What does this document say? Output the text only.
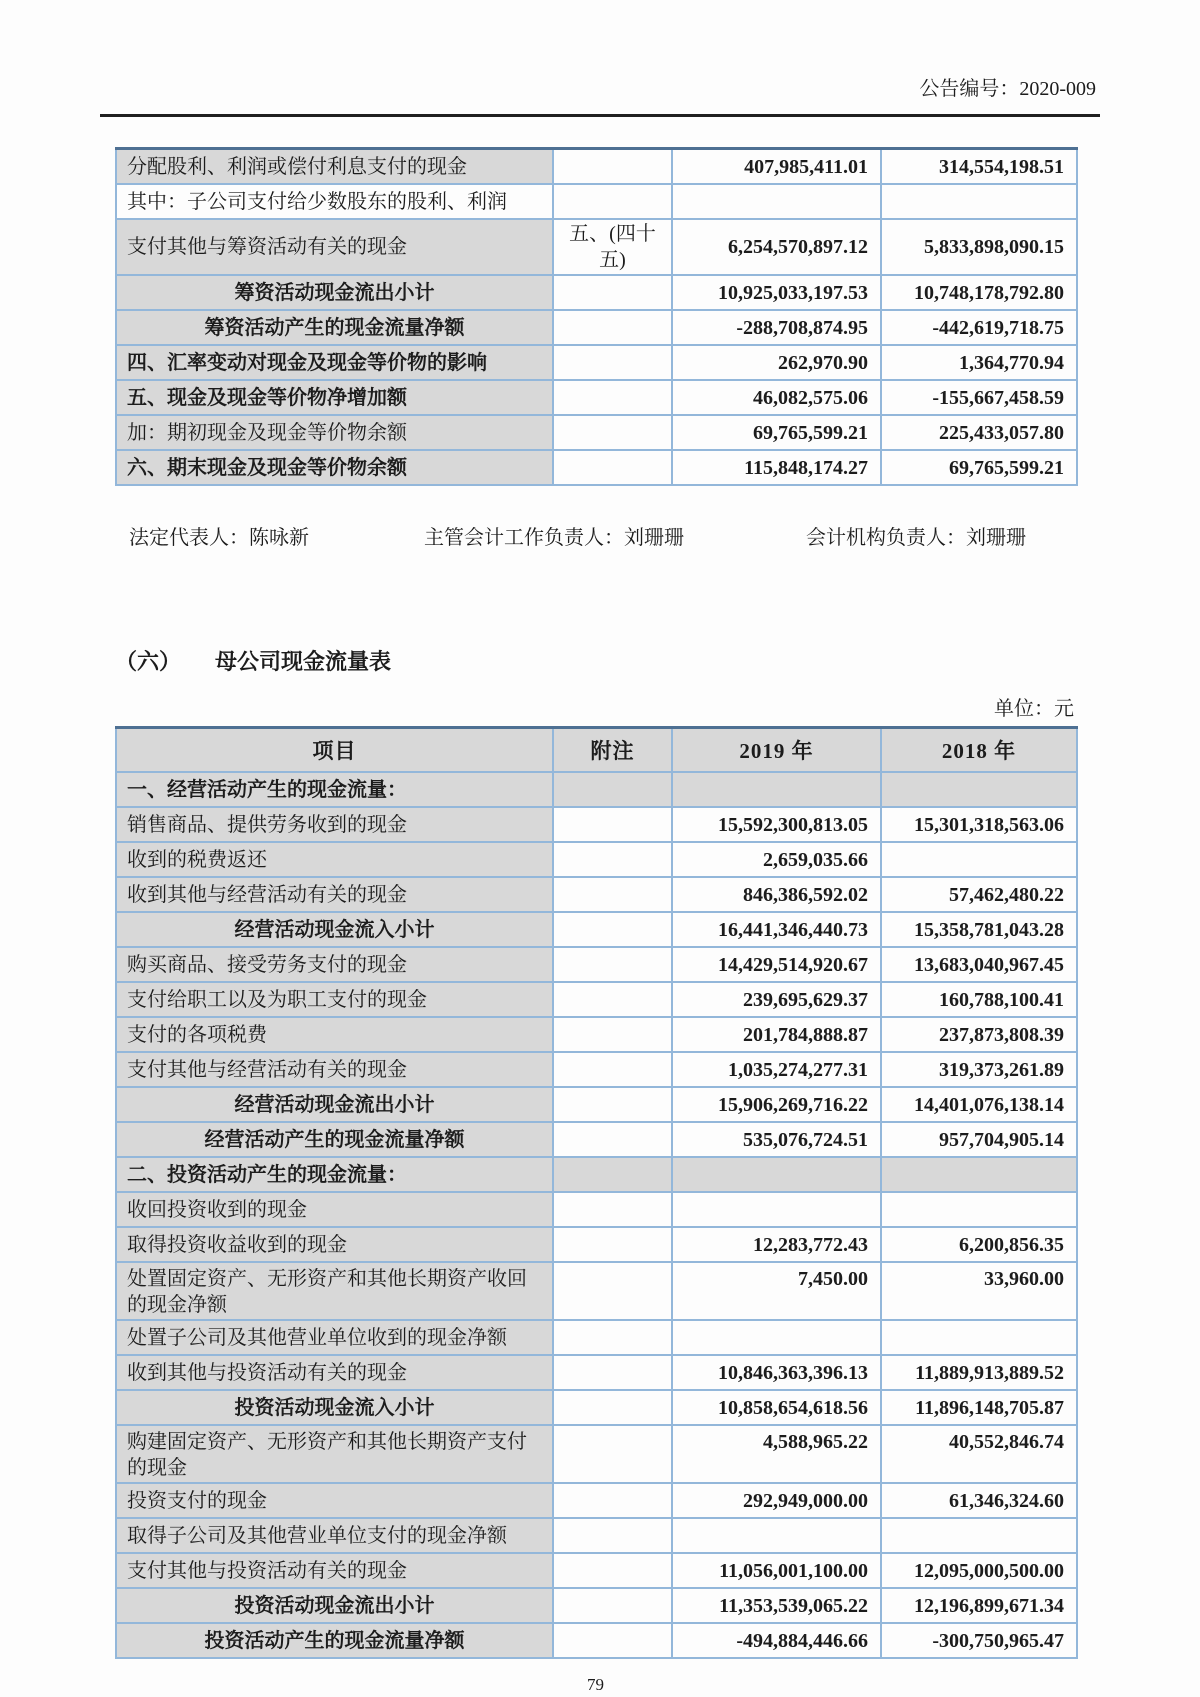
公告编号：2020-009
分配股利、利润或偿付利息支付的现金		407,985,411.01	314,554,198.51
其中：子公司支付给少数股东的股利、利润			
支付其他与筹资活动有关的现金	五、(四十五)	6,254,570,897.12	5,833,898,090.15
筹资活动现金流出小计		10,925,033,197.53	10,748,178,792.80
筹资活动产生的现金流量净额		-288,708,874.95	-442,619,718.75
四、汇率变动对现金及现金等价物的影响		262,970.90	1,364,770.94
五、现金及现金等价物净增加额		46,082,575.06	-155,667,458.59
加：期初现金及现金等价物余额		69,765,599.21	225,433,057.80
六、期末现金及现金等价物余额		115,848,174.27	69,765,599.21
法定代表人：陈咏新	主管会计工作负责人：刘珊珊	会计机构负责人：刘珊珊
（六） 母公司现金流量表
单位：元
项目	附注	2019 年	2018 年
一、经营活动产生的现金流量：			
销售商品、提供劳务收到的现金		15,592,300,813.05	15,301,318,563.06
收到的税费返还		2,659,035.66	
收到其他与经营活动有关的现金		846,386,592.02	57,462,480.22
经营活动现金流入小计		16,441,346,440.73	15,358,781,043.28
购买商品、接受劳务支付的现金		14,429,514,920.67	13,683,040,967.45
支付给职工以及为职工支付的现金		239,695,629.37	160,788,100.41
支付的各项税费		201,784,888.87	237,873,808.39
支付其他与经营活动有关的现金		1,035,274,277.31	319,373,261.89
经营活动现金流出小计		15,906,269,716.22	14,401,076,138.14
经营活动产生的现金流量净额		535,076,724.51	957,704,905.14
二、投资活动产生的现金流量：			
收回投资收到的现金			
取得投资收益收到的现金		12,283,772.43	6,200,856.35
处置固定资产、无形资产和其他长期资产收回的现金净额		7,450.00	33,960.00
处置子公司及其他营业单位收到的现金净额			
收到其他与投资活动有关的现金		10,846,363,396.13	11,889,913,889.52
投资活动现金流入小计		10,858,654,618.56	11,896,148,705.87
购建固定资产、无形资产和其他长期资产支付的现金		4,588,965.22	40,552,846.74
投资支付的现金		292,949,000.00	61,346,324.60
取得子公司及其他营业单位支付的现金净额			
支付其他与投资活动有关的现金		11,056,001,100.00	12,095,000,500.00
投资活动现金流出小计		11,353,539,065.22	12,196,899,671.34
投资活动产生的现金流量净额		-494,884,446.66	-300,750,965.47
79
